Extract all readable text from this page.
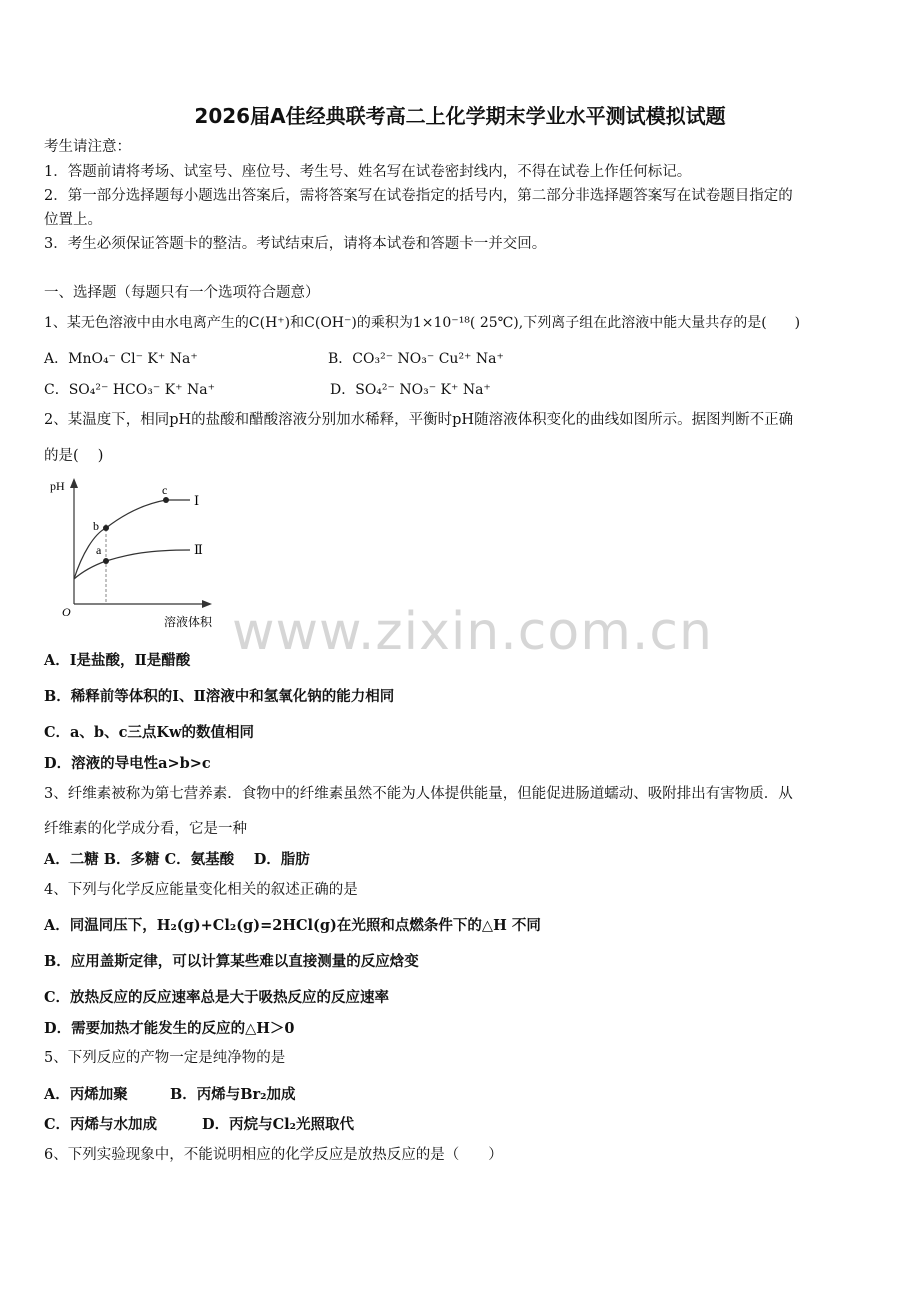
2026届A佳经典联考高二上化学期末学业水平测试模拟试题
考生请注意：
1．答题前请将考场、试室号、座位号、考生号、姓名写在试卷密封线内，不得在试卷上作任何标记。
2．第一部分选择题每小题选出答案后，需将答案写在试卷指定的括号内，第二部分非选择题答案写在试卷题目指定的
位置上。
3．考生必须保证答题卡的整洁。考试结束后，请将本试卷和答题卡一并交回。
一、选择题（每题只有一个选项符合题意）
1、某无色溶液中由水电离产生的C(H⁺)和C(OH⁻)的乘积为1×10⁻¹⁸( 25℃),下列离子组在此溶液中能大量共存的是(　　)
A．MnO₄⁻ Cl⁻ K⁺ Na⁺	B．CO₃²⁻ NO₃⁻ Cu²⁺ Na⁺
C．SO₄²⁻ HCO₃⁻ K⁺ Na⁺	D．SO₄²⁻ NO₃⁻ K⁺ Na⁺
2、某温度下，相同pH的盐酸和醋酸溶液分别加水稀释，平衡时pH随溶液体积变化的曲线如图所示。据图判断不正确
的是(　 )
pH
O
溶液体积
a
b
c
Ⅰ
Ⅱ
www.zixin.com.cn
A．Ⅰ是盐酸，Ⅱ是醋酸
B．稀释前等体积的Ⅰ、Ⅱ溶液中和氢氧化钠的能力相同
C．a、b、c三点Kw的数值相同
D．溶液的导电性a>b>c
3、纤维素被称为第七营养素．食物中的纤维素虽然不能为人体提供能量，但能促进肠道蠕动、吸附排出有害物质．从
纤维素的化学成分看，它是一种
A．二糖 B．多糖 C．氨基酸　 D．脂肪
4、下列与化学反应能量变化相关的叙述正确的是
A．同温同压下，H₂(g)+Cl₂(g)=2HCl(g)在光照和点燃条件下的△H 不同
B．应用盖斯定律，可以计算某些难以直接测量的反应焓变
C．放热反应的反应速率总是大于吸热反应的反应速率
D．需要加热才能发生的反应的△H＞0
5、下列反应的产物一定是纯净物的是
A．丙烯加聚	B．丙烯与Br₂加成
C．丙烯与水加成	D．丙烷与Cl₂光照取代
6、下列实验现象中，不能说明相应的化学反应是放热反应的是（　　）
